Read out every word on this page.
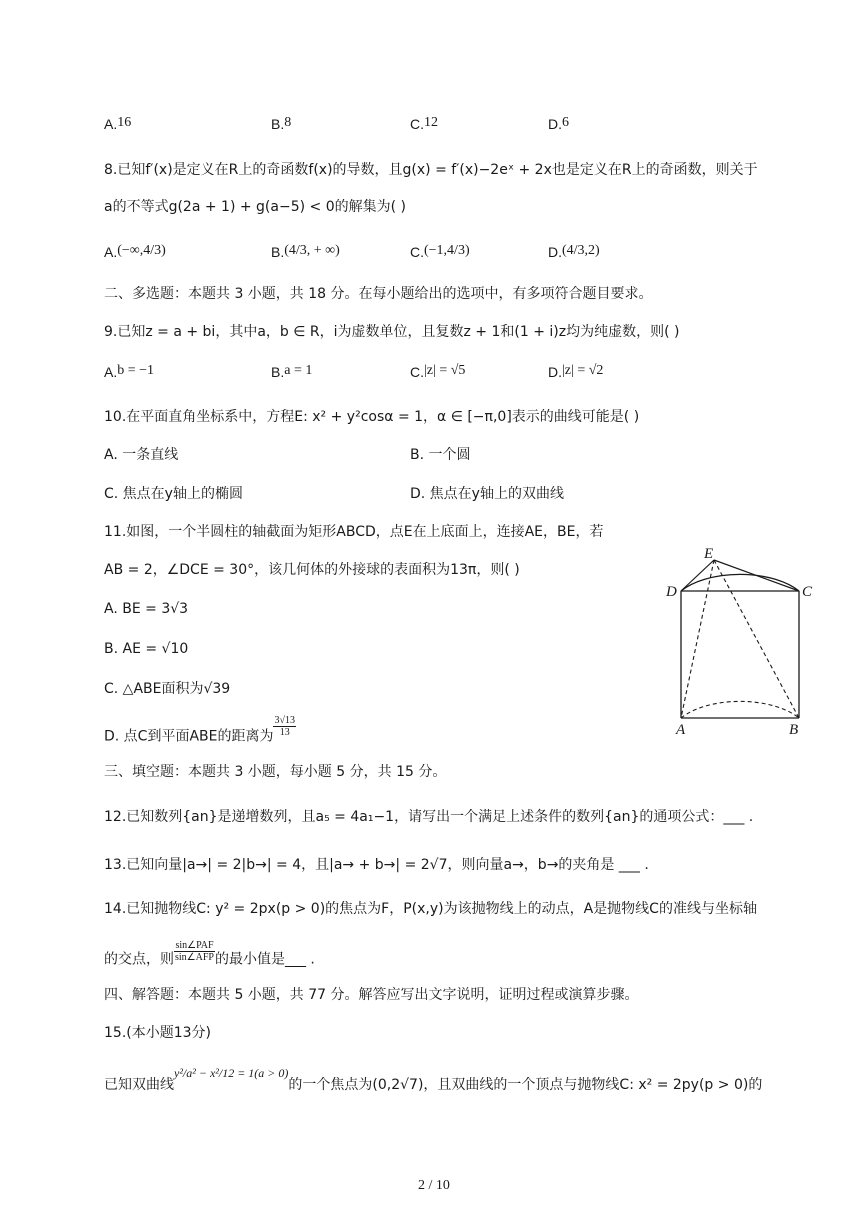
A.16	B.8	C.12	D.6
8.已知f′(x)是定义在R上的奇函数f(x)的导数，且g(x) = f′(x)−2eˣ + 2x也是定义在R上的奇函数，则关于
a的不等式g(2a + 1) + g(a−5) < 0的解集为( )
A.(−∞,4/3)	B.(4/3, + ∞)	C.(−1,4/3)	D.(4/3,2)
二、多选题：本题共 3 小题，共 18 分。在每小题给出的选项中，有多项符合题目要求。
9.已知z = a + bi，其中a，b ∈ R，i为虚数单位，且复数z + 1和(1 + i)z均为纯虚数，则( )
A.b = −1	B.a = 1	C.|z| = √5	D.|z| = √2
10.在平面直角坐标系中，方程E: x² + y²cosα = 1，α ∈ [−π,0]表示的曲线可能是( )
A. 一条直线	B. 一个圆
C. 焦点在y轴上的椭圆	D. 焦点在y轴上的双曲线
11.如图，一个半圆柱的轴截面为矩形ABCD，点E在上底面上，连接AE，BE，若
AB = 2，∠DCE = 30°，该几何体的外接球的表面积为13π，则( )
A. BE = 3√3
B. AE = √10
C. △ABE面积为√39
D. 点C到平面ABE的距离为 $\frac{3√13}{13}$
E
D	C
A	B
三、填空题：本题共 3 小题，每小题 5 分，共 15 分。
12.已知数列{an}是递增数列，且a₅ = 4a₁−1，请写出一个满足上述条件的数列{an}的通项公式：___ .
13.已知向量|a→| = 2|b→| = 4，且|a→ + b→| = 2√7，则向量a→，b→的夹角是 ___ .
14.已知抛物线C: y² = 2px(p > 0)的焦点为F，P(x,y)为该抛物线上的动点，A是抛物线C的准线与坐标轴
的交点，则 $\frac{\text{sin∠PAF}}{\text{sin∠AFP}}$ 的最小值是___ .
四、解答题：本题共 5 小题，共 77 分。解答应写出文字说明，证明过程或演算步骤。
15.(本小题13分)
已知双曲线y²/a² − x²/12 = 1(a > 0)的一个焦点为(0,2√7)，且双曲线的一个顶点与抛物线C: x² = 2py(p > 0)的
2 / 10
